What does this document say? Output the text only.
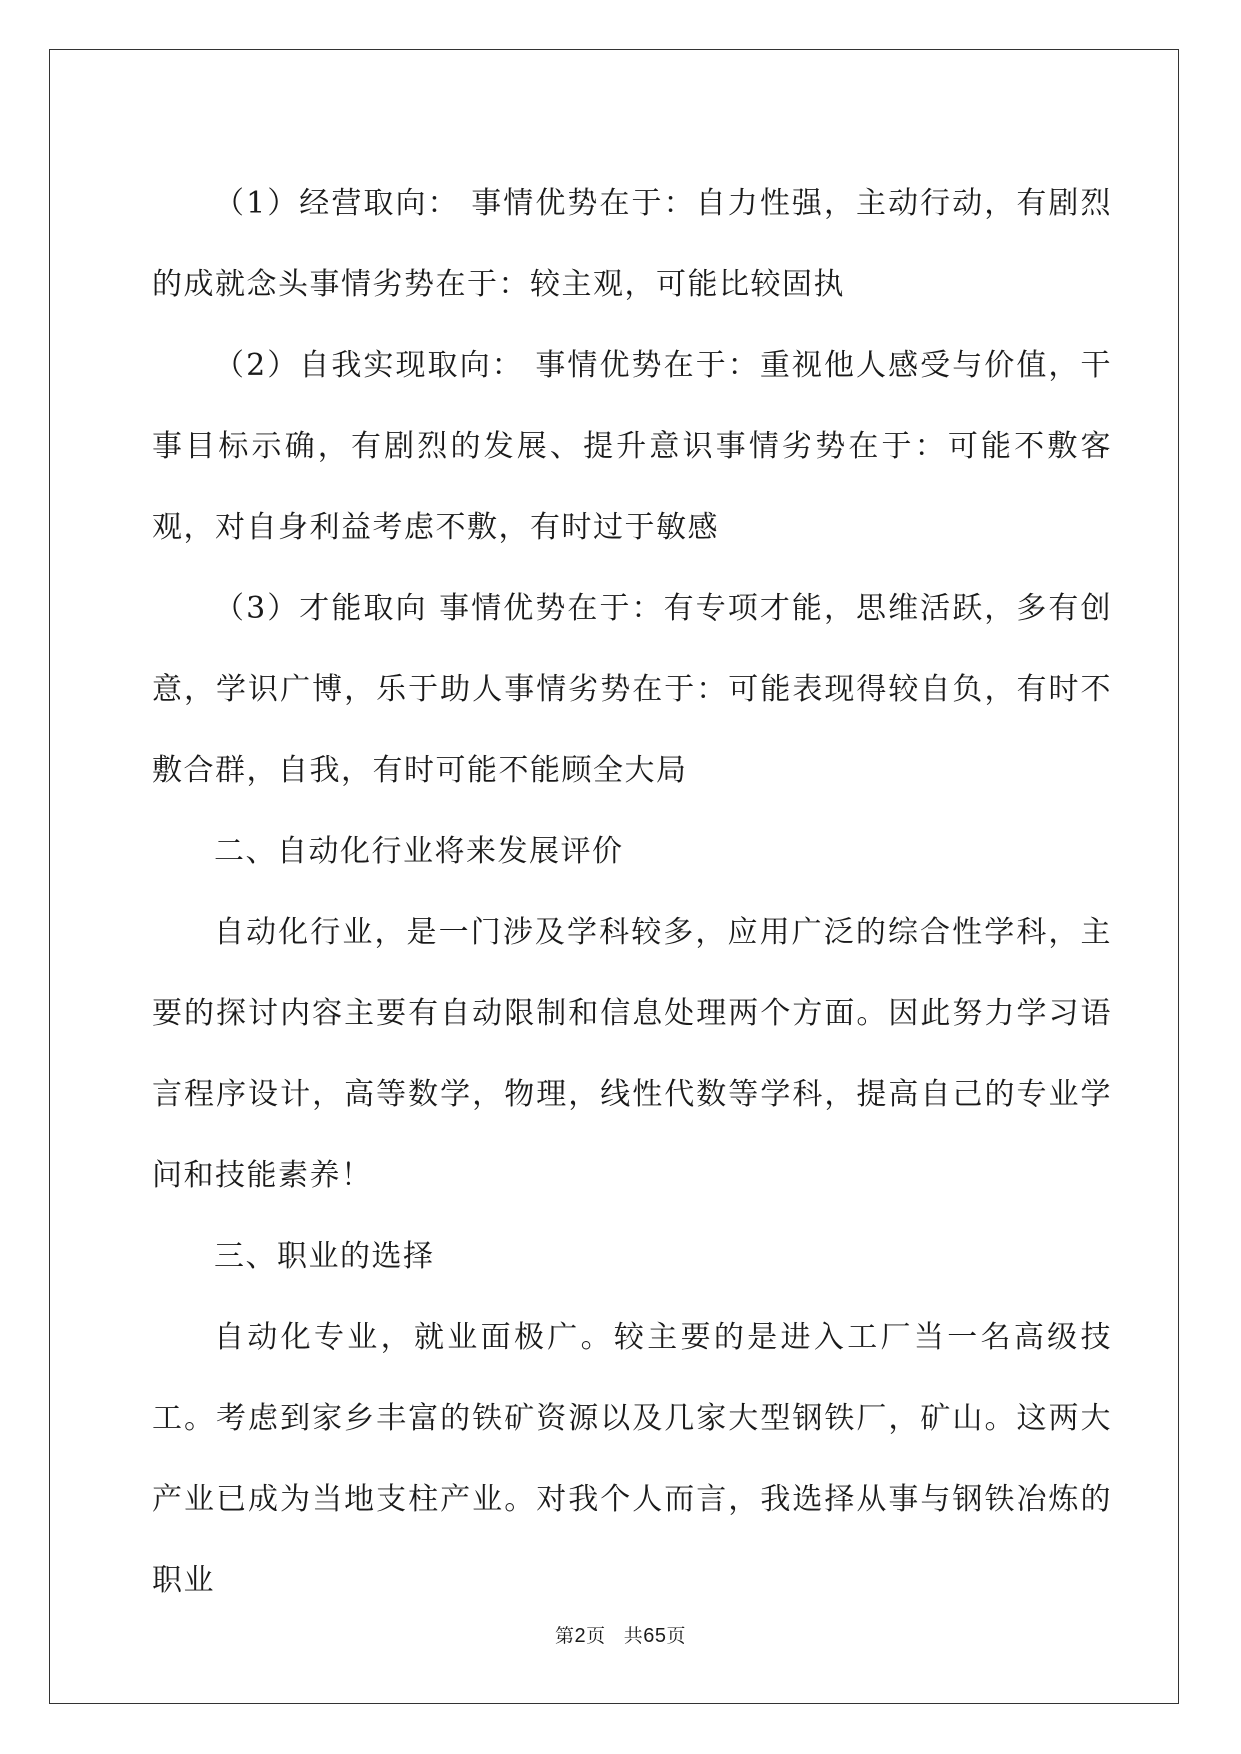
（1）经营取向： 事情优势在于：自力性强，主动行动，有剧烈的成就念头事情劣势在于：较主观，可能比较固执

（2）自我实现取向： 事情优势在于：重视他人感受与价值，干事目标示确，有剧烈的发展、提升意识事情劣势在于：可能不敷客观，对自身利益考虑不敷，有时过于敏感

（3）才能取向 事情优势在于：有专项才能，思维活跃，多有创意，学识广博，乐于助人事情劣势在于：可能表现得较自负，有时不敷合群，自我，有时可能不能顾全大局

二、自动化行业将来发展评价

自动化行业，是一门涉及学科较多，应用广泛的综合性学科，主要的探讨内容主要有自动限制和信息处理两个方面。因此努力学习语言程序设计，高等数学，物理，线性代数等学科，提高自己的专业学问和技能素养！

三、职业的选择

自动化专业，就业面极广。较主要的是进入工厂当一名高级技工。考虑到家乡丰富的铁矿资源以及几家大型钢铁厂，矿山。这两大产业已成为当地支柱产业。对我个人而言，我选择从事与钢铁冶炼的职业

第2页 共65页
